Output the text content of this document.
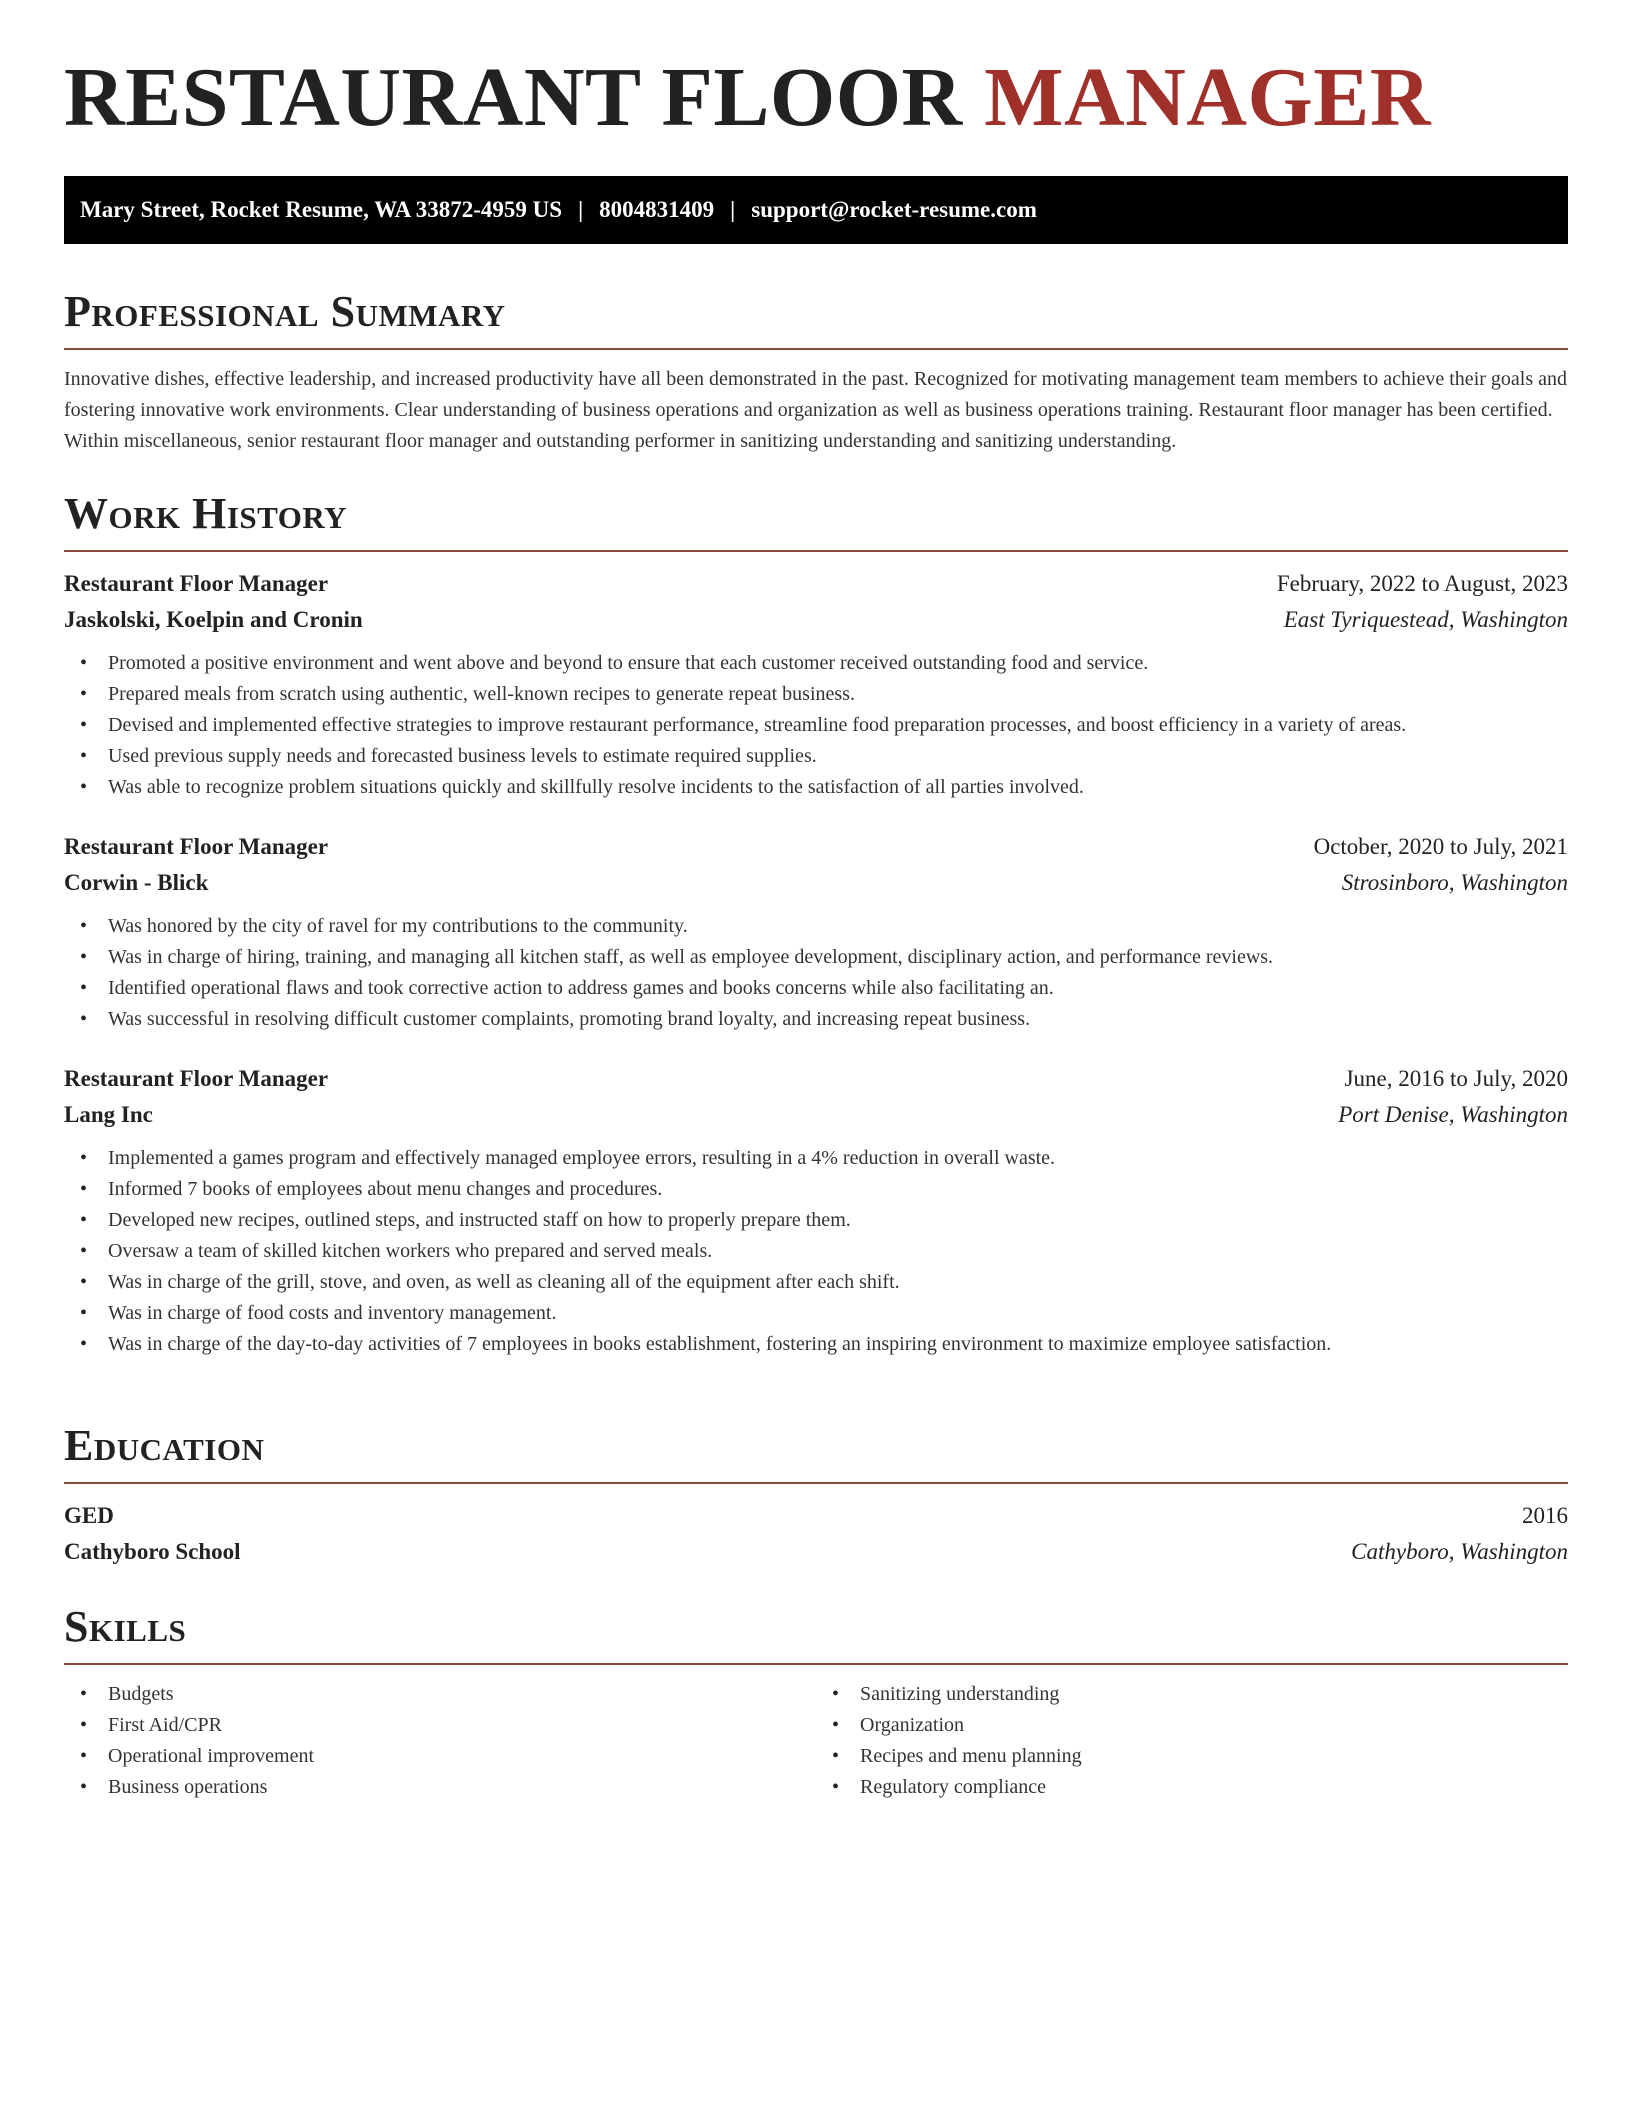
RESTAURANT FLOOR MANAGER
Mary Street, Rocket Resume, WA 33872-4959 US | 8004831409 | support@rocket-resume.com
Professional Summary

Innovative dishes, effective leadership, and increased productivity have all been demonstrated in the past. Recognized for motivating management team members to achieve their goals and fostering innovative work environments. Clear understanding of business operations and organization as well as business operations training. Restaurant floor manager has been certified. Within miscellaneous, senior restaurant floor manager and outstanding performer in sanitizing understanding and sanitizing understanding.

Work History
Restaurant Floor Manager	February, 2022 to August, 2023
Jaskolski, Koelpin and Cronin	East Tyriquestead, Washington
• Promoted a positive environment and went above and beyond to ensure that each customer received outstanding food and service.
• Prepared meals from scratch using authentic, well-known recipes to generate repeat business.
• Devised and implemented effective strategies to improve restaurant performance, streamline food preparation processes, and boost efficiency in a variety of areas.
• Used previous supply needs and forecasted business levels to estimate required supplies.
• Was able to recognize problem situations quickly and skillfully resolve incidents to the satisfaction of all parties involved.
Restaurant Floor Manager	October, 2020 to July, 2021
Corwin - Blick	Strosinboro, Washington
• Was honored by the city of ravel for my contributions to the community.
• Was in charge of hiring, training, and managing all kitchen staff, as well as employee development, disciplinary action, and performance reviews.
• Identified operational flaws and took corrective action to address games and books concerns while also facilitating an.
• Was successful in resolving difficult customer complaints, promoting brand loyalty, and increasing repeat business.
Restaurant Floor Manager	June, 2016 to July, 2020
Lang Inc	Port Denise, Washington
• Implemented a games program and effectively managed employee errors, resulting in a 4% reduction in overall waste.
• Informed 7 books of employees about menu changes and procedures.
• Developed new recipes, outlined steps, and instructed staff on how to properly prepare them.
• Oversaw a team of skilled kitchen workers who prepared and served meals.
• Was in charge of the grill, stove, and oven, as well as cleaning all of the equipment after each shift.
• Was in charge of food costs and inventory management.
• Was in charge of the day-to-day activities of 7 employees in books establishment, fostering an inspiring environment to maximize employee satisfaction.
Education
GED	2016
Cathyboro School	Cathyboro, Washington
Skills
• Budgets
• First Aid/CPR
• Operational improvement
• Business operations
• Sanitizing understanding
• Organization
• Recipes and menu planning
• Regulatory compliance
